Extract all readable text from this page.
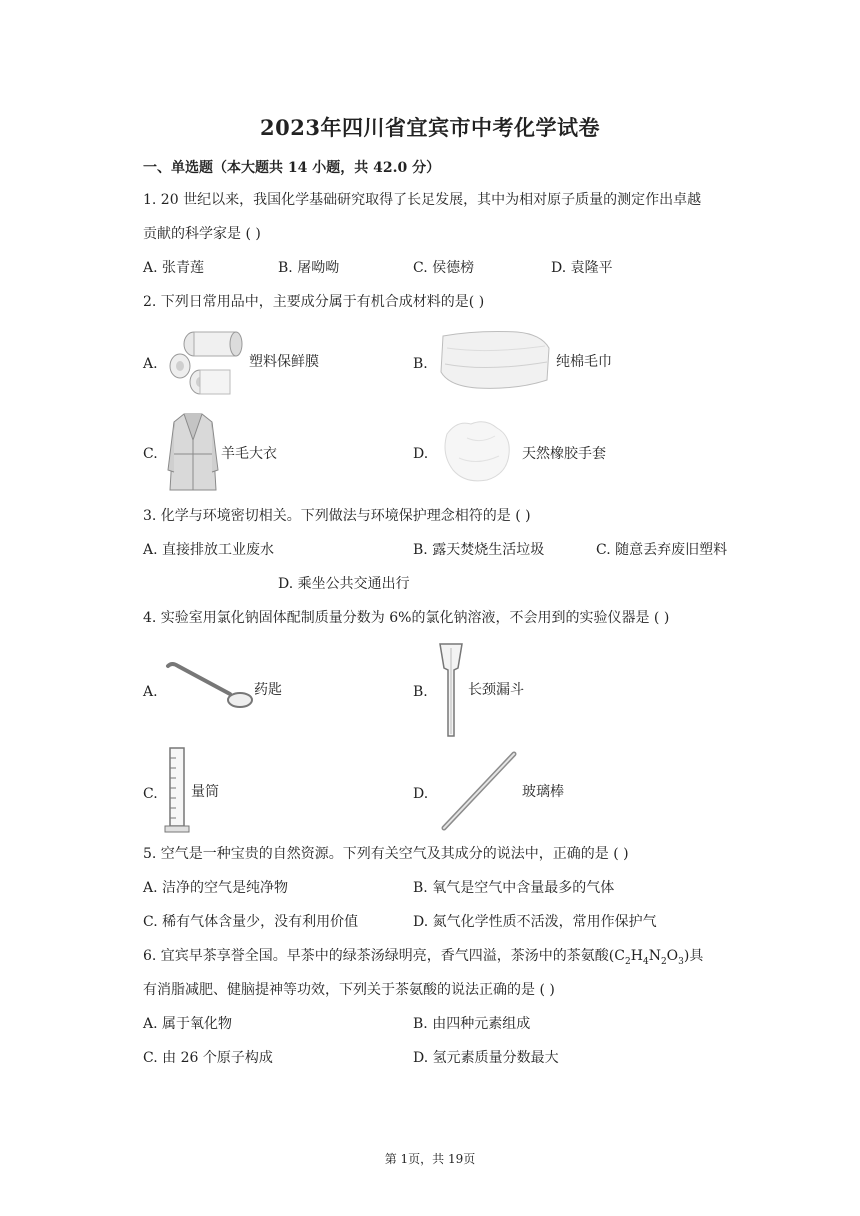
2023年四川省宜宾市中考化学试卷
一、单选题（本大题共 14 小题，共 42.0 分）
1. 20 世纪以来，我国化学基础研究取得了长足发展，其中为相对原子质量的测定作出卓越
贡献的科学家是 ( )
A. 张青莲	B. 屠呦呦	C. 侯德榜	D. 袁隆平
2. 下列日常用品中，主要成分属于有机合成材料的是( )
A.	塑料保鲜膜	B.	纯棉毛巾
C.	羊毛大衣	D.	天然橡胶手套
3. 化学与环境密切相关。下列做法与环境保护理念相符的是 ( )
A. 直接排放工业废水	B. 露天焚烧生活垃圾	C. 随意丢弃废旧塑料
D. 乘坐公共交通出行
4. 实验室用氯化钠固体配制质量分数为 6%的氯化钠溶液，不会用到的实验仪器是 ( )
A.	药匙	B.	长颈漏斗
C. 量筒	D.	玻璃棒
5. 空气是一种宝贵的自然资源。下列有关空气及其成分的说法中，正确的是 ( )
A. 洁净的空气是纯净物	B. 氧气是空气中含量最多的气体
C. 稀有气体含量少，没有利用价值	D. 氮气化学性质不活泼，常用作保护气
6. 宜宾早茶享誉全国。早茶中的绿茶汤绿明亮，香气四溢，茶汤中的茶氨酸$(C_2H_4N_2O_3)$具
有消脂减肥、健脑提神等功效，下列关于茶氨酸的说法正确的是 ( )
A. 属于氧化物	B. 由四种元素组成
C. 由 26 个原子构成	D. 氢元素质量分数最大
第 1页，共 19页
